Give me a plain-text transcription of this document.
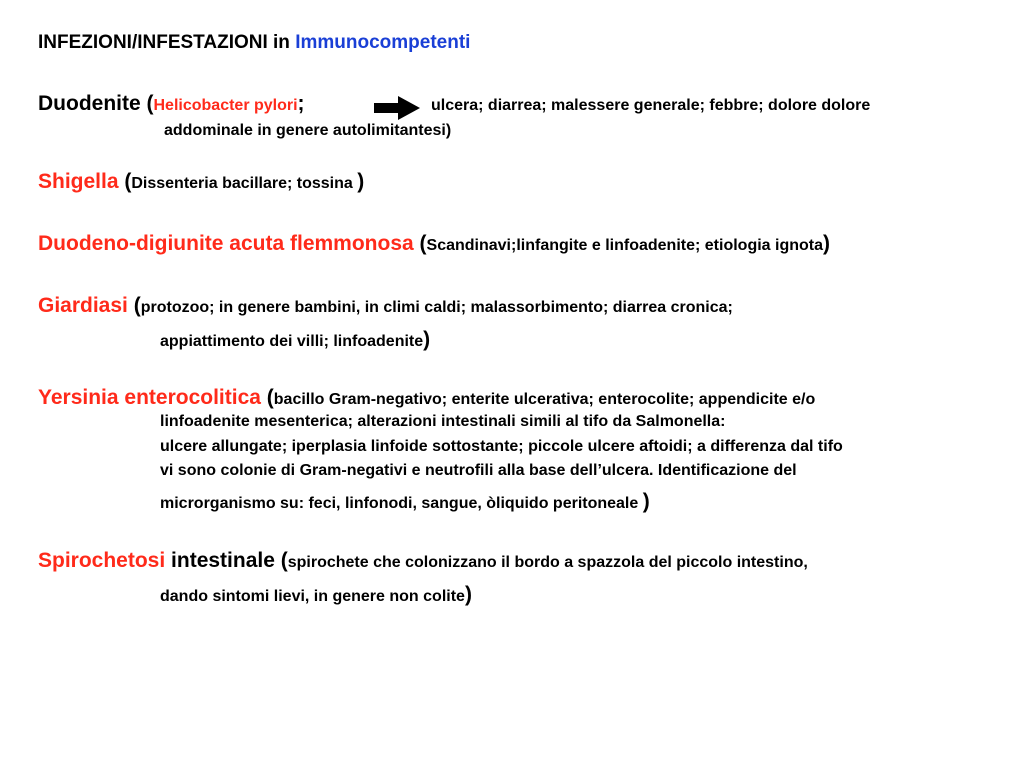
INFEZIONI/INFESTAZIONI in Immunocompetenti
Duodenite (Helicobacter pylori;	ulcera; diarrea; malessere generale; febbre; dolore dolore
addominale in genere autolimitantesi)
Shigella (Dissenteria bacillare; tossina )
Duodeno-digiunite acuta flemmonosa (Scandinavi;linfangite e linfoadenite; etiologia ignota)
Giardiasi (protozoo; in genere bambini, in climi caldi; malassorbimento; diarrea cronica;
appiattimento dei villi; linfoadenite)
Yersinia enterocolitica (bacillo Gram-negativo; enterite ulcerativa; enterocolite; appendicite e/o
linfoadenite mesenterica; alterazioni intestinali simili al tifo da Salmonella:
ulcere allungate; iperplasia linfoide sottostante; piccole ulcere aftoidi; a differenza dal tifo
vi sono colonie di Gram-negativi e neutrofili alla base dell’ulcera. Identificazione del
microrganismo su: feci, linfonodi, sangue, òliquido peritoneale )
Spirochetosi intestinale (spirochete che colonizzano il bordo a spazzola del piccolo intestino,
dando sintomi lievi, in genere non colite)
